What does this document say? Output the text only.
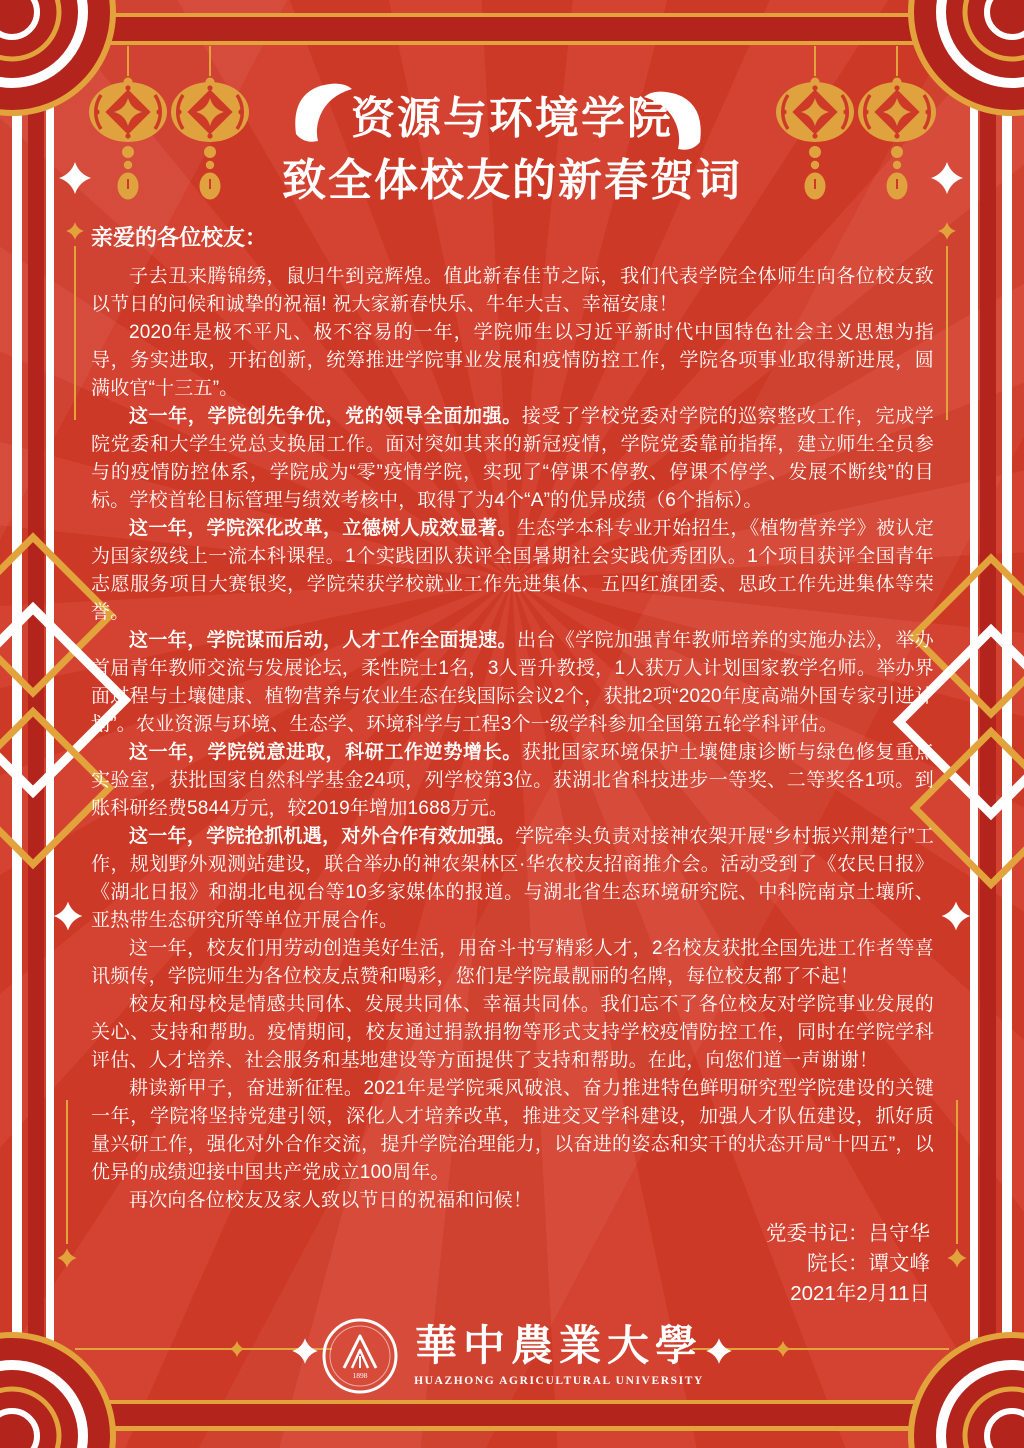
资源与环境学院
致全体校友的新春贺词

亲爱的各位校友：

子去丑来腾锦绣，鼠归牛到竞辉煌。值此新春佳节之际，我们代表学院全体师生向各位校友致以节日的问候和诚挚的祝福! 祝大家新春快乐、牛年大吉、幸福安康！

2020年是极不平凡、极不容易的一年，学院师生以习近平新时代中国特色社会主义思想为指导，务实进取，开拓创新，统筹推进学院事业发展和疫情防控工作，学院各项事业取得新进展，圆满收官“十三五”。

这一年，学院创先争优，党的领导全面加强。接受了学校党委对学院的巡察整改工作，完成学院党委和大学生党总支换届工作。面对突如其来的新冠疫情，学院党委靠前指挥，建立师生全员参与的疫情防控体系，学院成为“零”疫情学院，实现了“停课不停教、停课不停学、发展不断线”的目标。学校首轮目标管理与绩效考核中，取得了为4个“A”的优异成绩（6个指标）。

这一年，学院深化改革，立德树人成效显著。生态学本科专业开始招生，《植物营养学》被认定为国家级线上一流本科课程。1个实践团队获评全国暑期社会实践优秀团队。1个项目获评全国青年志愿服务项目大赛银奖，学院荣获学校就业工作先进集体、五四红旗团委、思政工作先进集体等荣誉。

这一年，学院谋而后动，人才工作全面提速。出台《学院加强青年教师培养的实施办法》，举办首届青年教师交流与发展论坛，柔性院士1名，3人晋升教授，1人获万人计划国家教学名师。举办界面过程与土壤健康、植物营养与农业生态在线国际会议2个，获批2项“2020年度高端外国专家引进计划”。农业资源与环境、生态学、环境科学与工程3个一级学科参加全国第五轮学科评估。

这一年，学院锐意进取，科研工作逆势增长。获批国家环境保护土壤健康诊断与绿色修复重点实验室，获批国家自然科学基金24项，列学校第3位。获湖北省科技进步一等奖、二等奖各1项。到账科研经费5844万元，较2019年增加1688万元。

这一年，学院抢抓机遇，对外合作有效加强。学院牵头负责对接神农架开展“乡村振兴荆楚行”工作，规划野外观测站建设，联合举办的神农架林区·华农校友招商推介会。活动受到了《农民日报》《湖北日报》和湖北电视台等10多家媒体的报道。与湖北省生态环境研究院、中科院南京土壤所、亚热带生态研究所等单位开展合作。

这一年，校友们用劳动创造美好生活，用奋斗书写精彩人才，2名校友获批全国先进工作者等喜讯频传，学院师生为各位校友点赞和喝彩，您们是学院最靓丽的名牌，每位校友都了不起！

校友和母校是情感共同体、发展共同体、幸福共同体。我们忘不了各位校友对学院事业发展的关心、支持和帮助。疫情期间，校友通过捐款捐物等形式支持学校疫情防控工作，同时在学院学科评估、人才培养、社会服务和基地建设等方面提供了支持和帮助。在此，向您们道一声谢谢！

耕读新甲子，奋进新征程。2021年是学院乘风破浪、奋力推进特色鲜明研究型学院建设的关键一年，学院将坚持党建引领，深化人才培养改革，推进交叉学科建设，加强人才队伍建设，抓好质量兴研工作，强化对外合作交流，提升学院治理能力，以奋进的姿态和实干的状态开局“十四五”，以优异的成绩迎接中国共产党成立100周年。

再次向各位校友及家人致以节日的祝福和问候！

党委书记：吕守华
院长：谭文峰
2021年2月11日
1898
華中農業大學
HUAZHONG AGRICULTURAL UNIVERSITY
